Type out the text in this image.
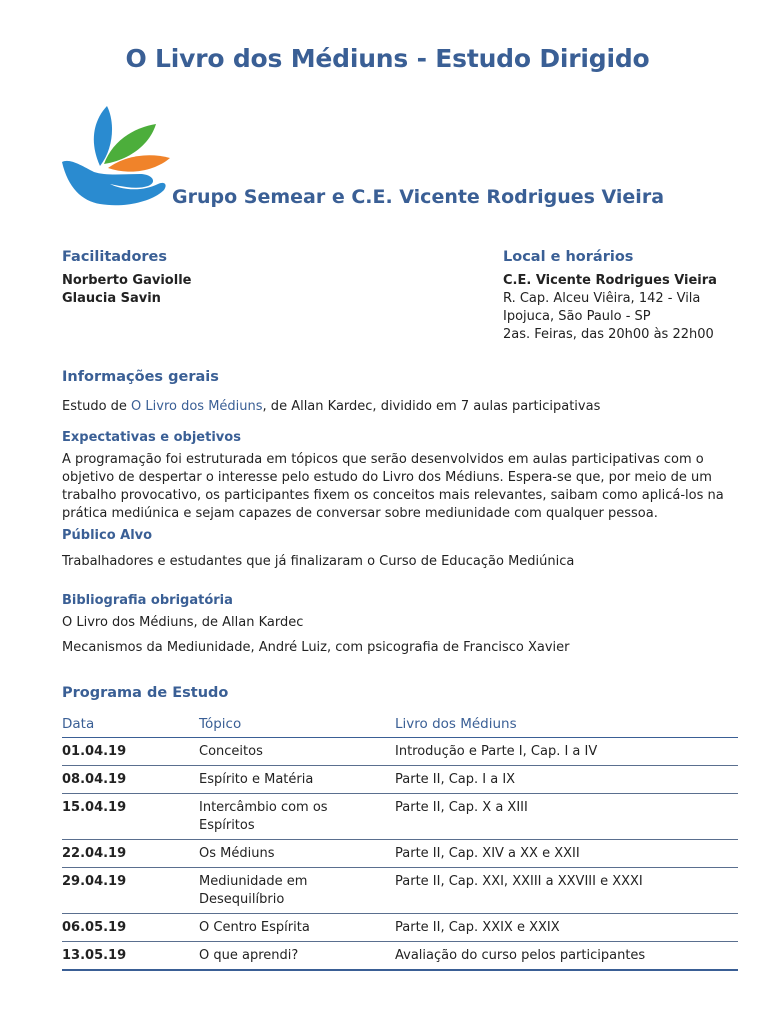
O Livro dos Médiuns - Estudo Dirigido
Grupo Semear e C.E. Vicente Rodrigues Vieira
Facilitadores
Norberto Gaviolle
Glaucia Savin
Local e horários
C.E. Vicente Rodrigues Vieira
R. Cap. Alceu Viêira, 142 - Vila Ipojuca, São Paulo - SP
2as. Feiras, das 20h00 às 22h00
Informações gerais
Estudo de O Livro dos Médiuns, de Allan Kardec, dividido em 7 aulas participativas
Expectativas e objetivos
A programação foi estruturada em tópicos que serão desenvolvidos em aulas participativas com o objetivo de despertar o interesse pelo estudo do Livro dos Médiuns. Espera-se que, por meio de um trabalho provocativo, os participantes fixem os conceitos mais relevantes, saibam como aplicá-los na prática mediúnica e sejam capazes de conversar sobre mediunidade com qualquer pessoa.
Público Alvo
Trabalhadores e estudantes que já finalizaram o Curso de Educação Mediúnica
Bibliografia obrigatória
O Livro dos Médiuns, de Allan Kardec
Mecanismos da Mediunidade, André Luiz, com psicografia de Francisco Xavier
Programa de Estudo
Data	Tópico	Livro dos Médiuns
01.04.19	Conceitos	Introdução e Parte I, Cap. I a IV
08.04.19	Espírito e Matéria	Parte II, Cap. I a IX
15.04.19	Intercâmbio com os Espíritos	Parte II, Cap. X a XIII
22.04.19	Os Médiuns	Parte II, Cap. XIV a XX e XXII
29.04.19	Mediunidade em Desequilíbrio	Parte II, Cap. XXI, XXIII a XXVIII e XXXI
06.05.19	O Centro Espírita	Parte II, Cap. XXIX e XXIX
13.05.19	O que aprendi?	Avaliação do curso pelos participantes
